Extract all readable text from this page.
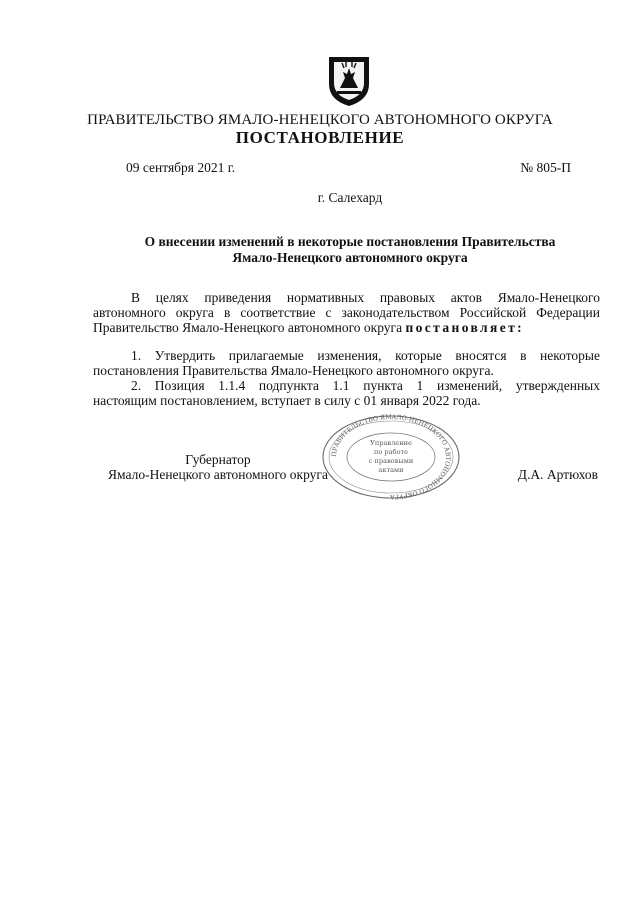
ПРАВИТЕЛЬСТВО ЯМАЛО-НЕНЕЦКОГО АВТОНОМНОГО ОКРУГА
ПОСТАНОВЛЕНИЕ
09 сентября 2021 г.	№ 805-П
г. Салехард
О внесении изменений в некоторые постановления Правительства
Ямало-Ненецкого автономного округа
В целях приведения нормативных правовых актов Ямало-Ненецкого
автономного округа в соответствие с законодательством Российской Федерации
Правительство Ямало-Ненецкого автономного округа постановляет:
1. Утвердить прилагаемые изменения, которые вносятся в некоторые
постановления Правительства Ямало-Ненецкого автономного округа.
2. Позиция 1.1.4 подпункта 1.1 пункта 1 изменений, утвержденных
настоящим постановлением, вступает в силу с 01 января 2022 года.
ПРАВИТЕЛЬСТВО ЯМАЛО-НЕНЕЦКОГО АВТОНОМНОГО ОКРУГА
Управление
по работе
с правовыми
актами
Губернатор
Ямало-Ненецкого автономного округа	Д.А. Артюхов
